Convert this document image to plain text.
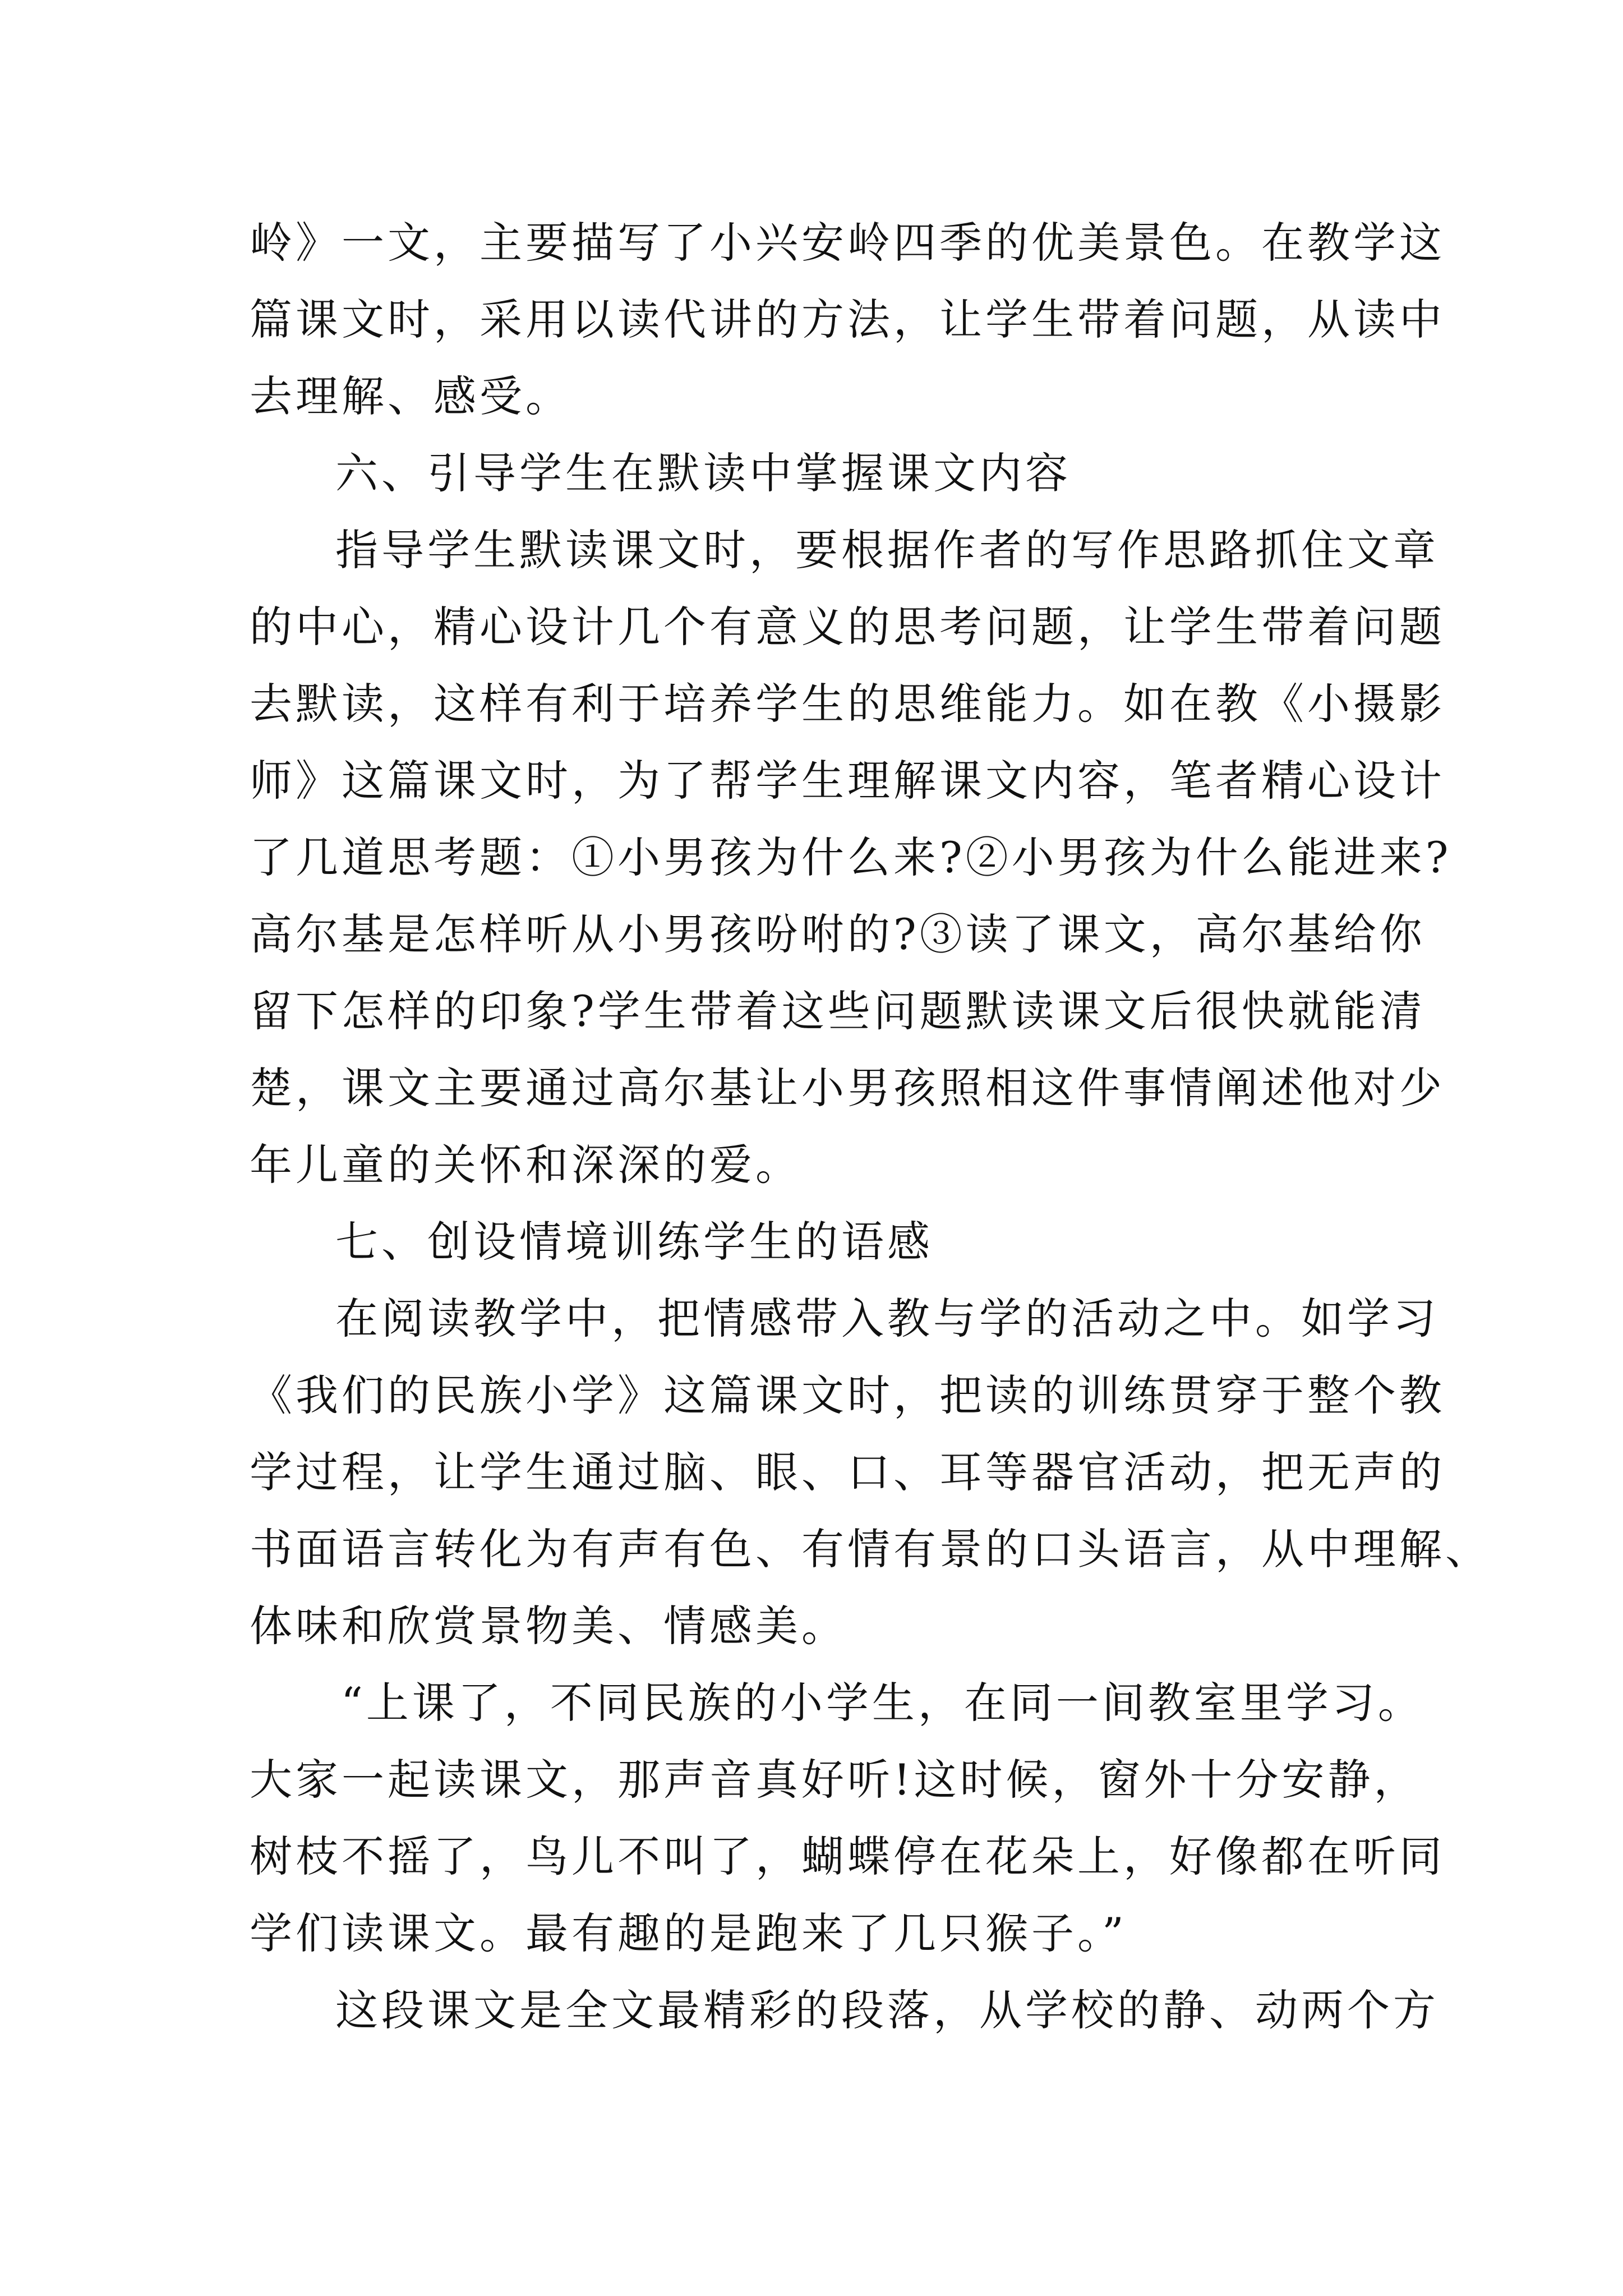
岭》一文，主要描写了小兴安岭四季的优美景色。在教学这
篇课文时，采用以读代讲的方法，让学生带着问题，从读中
去理解、感受。
六、引导学生在默读中掌握课文内容
指导学生默读课文时，要根据作者的写作思路抓住文章
的中心，精心设计几个有意义的思考问题，让学生带着问题
去默读，这样有利于培养学生的思维能力。如在教《小摄影
师》这篇课文时，为了帮学生理解课文内容，笔者精心设计
了几道思考题：①小男孩为什么来?②小男孩为什么能进来?
高尔基是怎样听从小男孩吩咐的?③读了课文，高尔基给你
留下怎样的印象?学生带着这些问题默读课文后很快就能清
楚，课文主要通过高尔基让小男孩照相这件事情阐述他对少
年儿童的关怀和深深的爱。
七、创设情境训练学生的语感
在阅读教学中，把情感带入教与学的活动之中。如学习
《我们的民族小学》这篇课文时，把读的训练贯穿于整个教
学过程，让学生通过脑、眼、口、耳等器官活动，把无声的
书面语言转化为有声有色、有情有景的口头语言，从中理解、
体味和欣赏景物美、情感美。
“上课了，不同民族的小学生，在同一间教室里学习。
大家一起读课文，那声音真好听!这时候，窗外十分安静，
树枝不摇了，鸟儿不叫了，蝴蝶停在花朵上，好像都在听同
学们读课文。最有趣的是跑来了几只猴子。”
这段课文是全文最精彩的段落，从学校的静、动两个方
